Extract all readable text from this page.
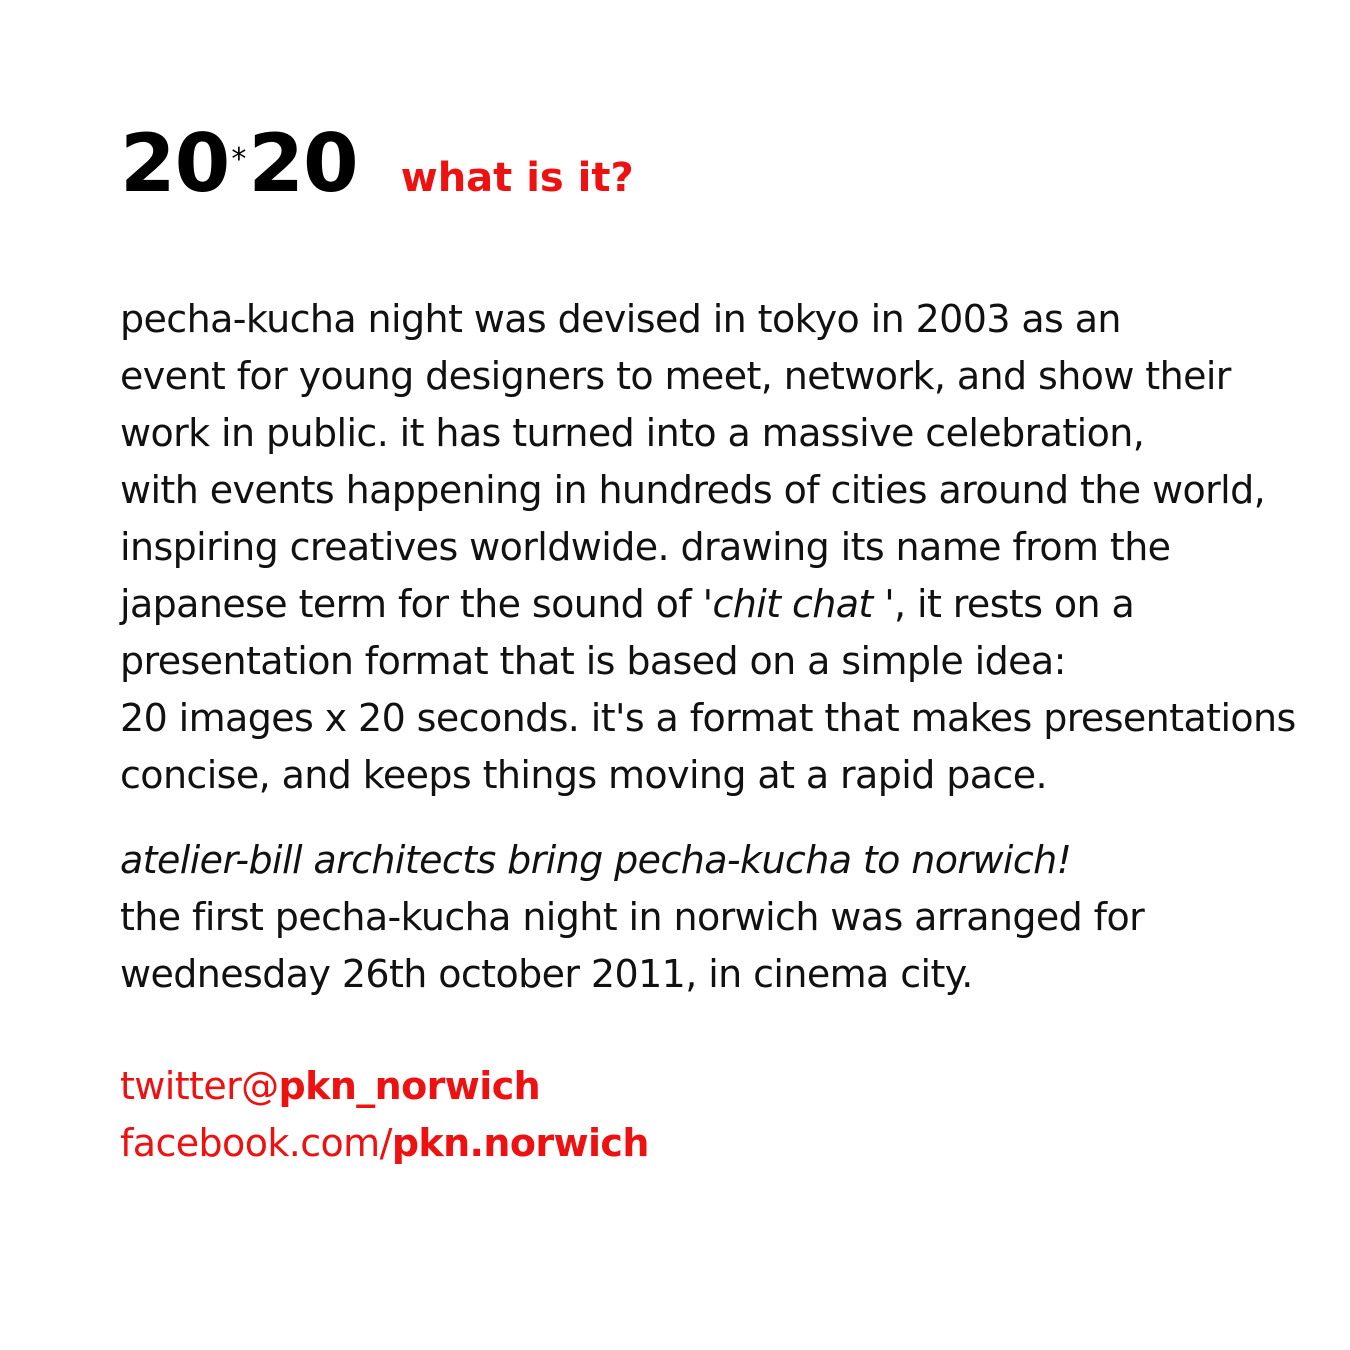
20*20 what is it?
pecha-kucha night was devised in tokyo in 2003 as an
event for young designers to meet, network, and show their
work in public. it has turned into a massive celebration,
with events happening in hundreds of cities around the world,
inspiring creatives worldwide. drawing its name from the
japanese term for the sound of 'chit chat ', it rests on a
presentation format that is based on a simple idea:
20 images x 20 seconds. it's a format that makes presentations
concise, and keeps things moving at a rapid pace.
atelier-bill architects bring pecha-kucha to norwich!
the first pecha-kucha night in norwich was arranged for
wednesday 26th october 2011, in cinema city.
twitter@pkn_norwich
facebook.com/pkn.norwich
